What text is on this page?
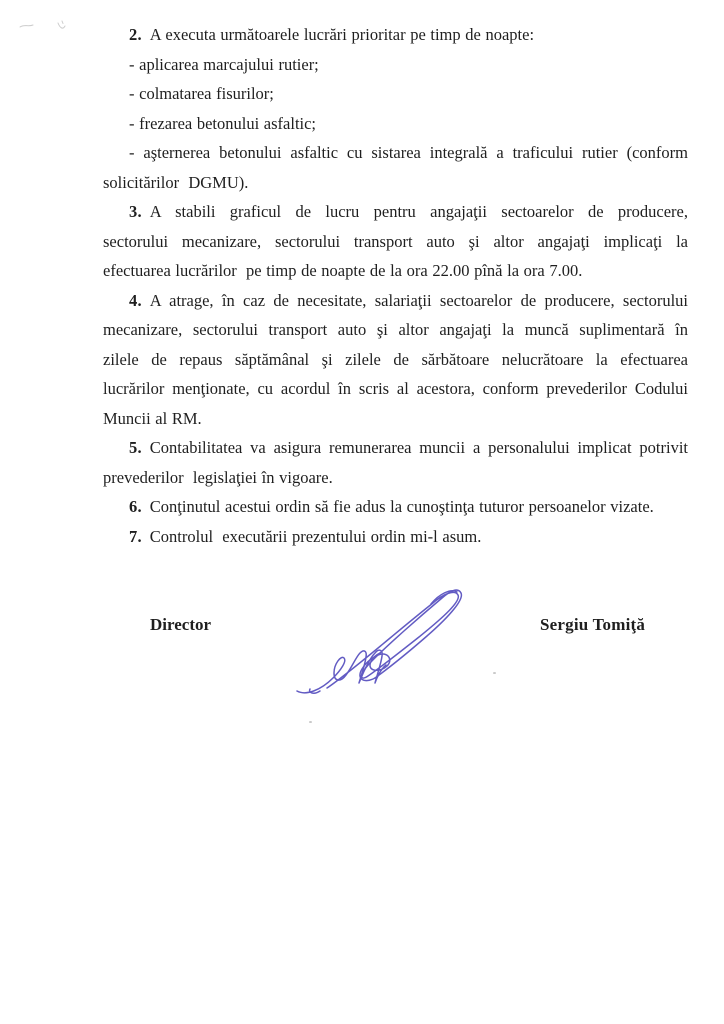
2. A executa următoarele lucrări prioritar pe timp de noapte:
- aplicarea marcajului rutier;
- colmatarea fisurilor;
- frezarea betonului asfaltic;
- aşternerea betonului asfaltic cu sistarea integrală a traficului rutier (conform
solicitărilor  DGMU).
3. A stabili graficul de lucru pentru angajaţii sectoarelor de producere,
sectorului mecanizare, sectorului transport auto şi altor angajaţi implicaţi la
efectuarea lucrărilor  pe timp de noapte de la ora 22.00 pînă la ora 7.00.
4. A atrage, în caz de necesitate, salariaţii sectoarelor de producere, sectorului
mecanizare, sectorului transport auto şi altor angajaţi la muncă suplimentară în
zilele de repaus săptămânal şi zilele de sărbătoare nelucrătoare la efectuarea
lucrărilor menţionate, cu acordul în scris al acestora, conform prevederilor Codului
Muncii al RM.
5. Contabilitatea va asigura remunerarea muncii a personalului implicat potrivit
prevederilor  legislaţiei în vigoare.
6. Conţinutul acestui ordin să fie adus la cunoştinţa tuturor persoanelor vizate.
7. Controlul  executării prezentului ordin mi-l asum.
Director	Sergiu Tomiţă
